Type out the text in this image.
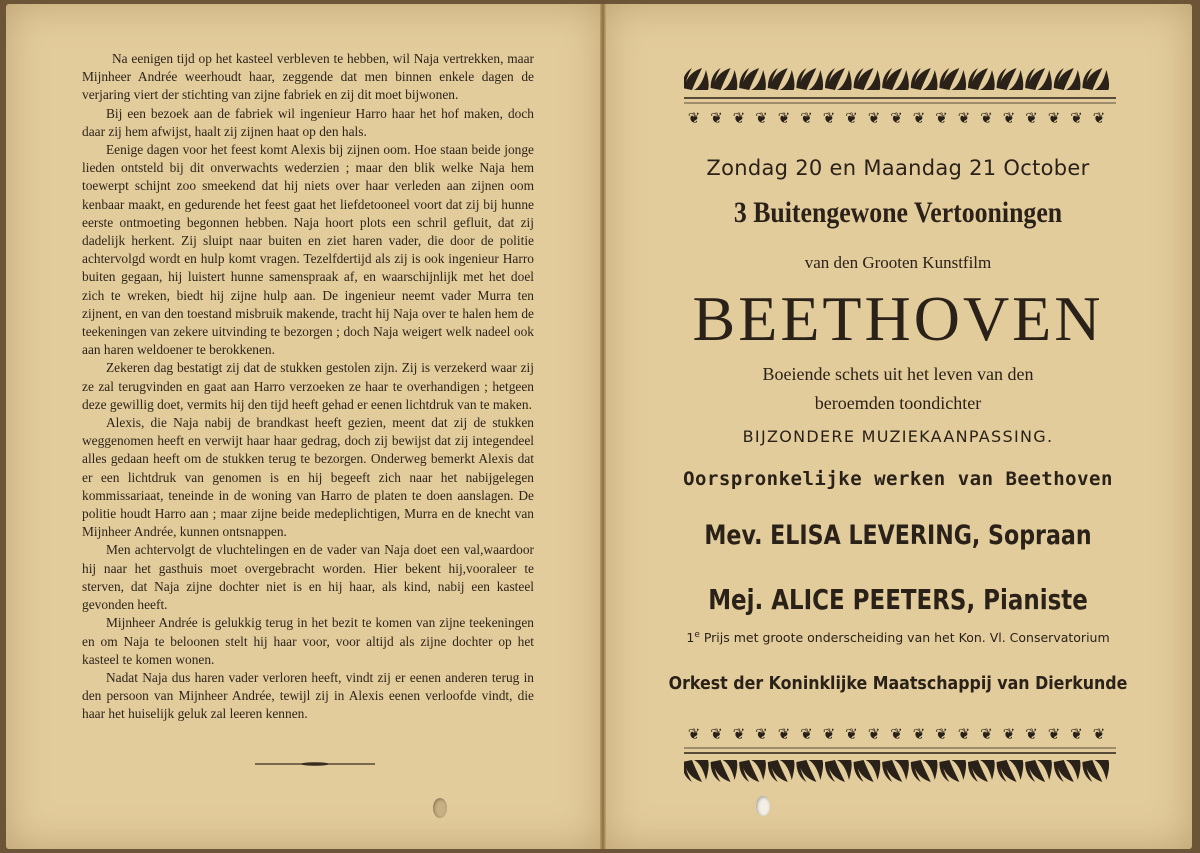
Na eenigen tijd op het kasteel verbleven te hebben, wil Naja vertrekken, maar Mijnheer Andrée weerhoudt haar, zeggende dat men binnen enkele dagen de verjaring viert der stichting van zijne fabriek en zij dit moet bijwonen.

Bij een bezoek aan de fabriek wil ingenieur Harro haar het hof maken, doch daar zij hem afwijst, haalt zij zijnen haat op den hals.

Eenige dagen voor het feest komt Alexis bij zijnen oom. Hoe staan beide jonge lieden ontsteld bij dit onverwachts wederzien ; maar den blik welke Naja hem toewerpt schijnt zoo smeekend dat hij niets over haar verleden aan zijnen oom kenbaar maakt, en gedurende het feest gaat het liefdetooneel voort dat zij bij hunne eerste ontmoeting begonnen hebben. Naja hoort plots een schril gefluit, dat zij dadelijk herkent. Zij sluipt naar buiten en ziet haren vader, die door de politie achtervolgd wordt en hulp komt vragen. Tezelfdertijd als zij is ook ingenieur Harro buiten gegaan, hij luistert hunne samenspraak af, en waarschijnlijk met het doel zich te wreken, biedt hij zijne hulp aan. De ingenieur neemt vader Murra ten zijnent, en van den toestand misbruik makende, tracht hij Naja over te halen hem de teekeningen van zekere uitvinding te bezorgen ; doch Naja weigert welk nadeel ook aan haren weldoener te berokkenen.

Zekeren dag bestatigt zij dat de stukken gestolen zijn. Zij is verzekerd waar zij ze zal terugvinden en gaat aan Harro verzoeken ze haar te overhandigen ; hetgeen deze gewillig doet, vermits hij den tijd heeft gehad er eenen lichtdruk van te maken.

Alexis, die Naja nabij de brandkast heeft gezien, meent dat zij de stukken weggenomen heeft en verwijt haar haar gedrag, doch zij bewijst dat zij integendeel alles gedaan heeft om de stukken terug te bezorgen. Onderweg bemerkt Alexis dat er een lichtdruk van genomen is en hij begeeft zich naar het nabijgelegen kommissariaat, teneinde in de woning van Harro de platen te doen aanslagen. De politie houdt Harro aan ; maar zijne beide medeplichtigen, Murra en de knecht van Mijnheer Andrée, kunnen ontsnappen.

Men achtervolgt de vluchtelingen en de vader van Naja doet een val,waardoor hij naar het gasthuis moet overgebracht worden. Hier bekent hij,vooraleer te sterven, dat Naja zijne dochter niet is en hij haar, als kind, nabij een kasteel gevonden heeft.

Mijnheer Andrée is gelukkig terug in het bezit te komen van zijne teekeningen en om Naja te beloonen stelt hij haar voor, voor altijd als zijne dochter op het kasteel te komen wonen.

Nadat Naja dus haren vader verloren heeft, vindt zij er eenen anderen terug in den persoon van Mijnheer Andrée, tewijl zij in Alexis eenen verloofde vindt, die haar het huiselijk geluk zal leeren kennen.

❦ ❦ ❦ ❦ ❦ ❦ ❦ ❦ ❦ ❦ ❦ ❦ ❦ ❦ ❦ ❦ ❦ ❦ ❦
Zondag 20 en Maandag 21 October
3 Buitengewone Vertooningen
van den Grooten Kunstfilm
BEETHOVEN
Boeiende schets uit het leven van den
beroemden toondichter
BIJZONDERE MUZIEKAANPASSING.
Oorspronkelijke werken van Beethoven
Mev. ELISA LEVERING, Sopraan
Mej. ALICE PEETERS, Pianiste
1e Prijs met groote onderscheiding van het Kon. Vl. Conservatorium
Orkest der Koninklijke Maatschappij van Dierkunde
❦ ❦ ❦ ❦ ❦ ❦ ❦ ❦ ❦ ❦ ❦ ❦ ❦ ❦ ❦ ❦ ❦ ❦ ❦
